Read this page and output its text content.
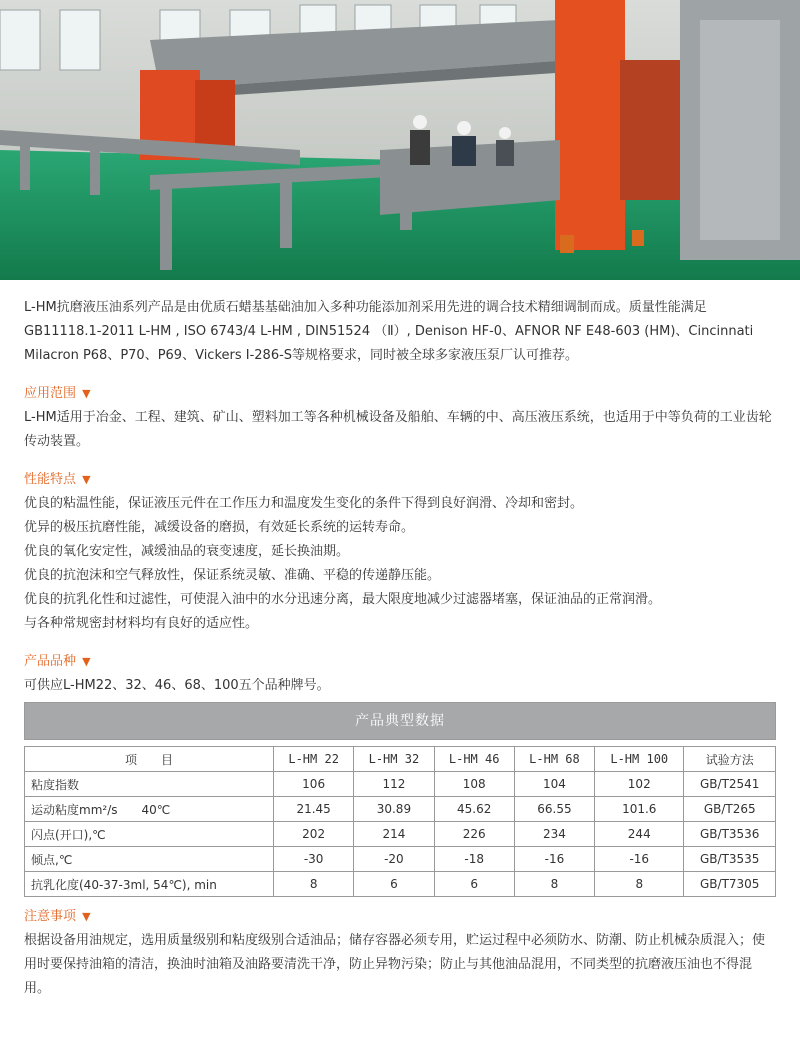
L-HM抗磨液压油系列产品是由优质石蜡基基础油加入多种功能添加剂采用先进的调合技术精细调制而成。质量性能满足GB11118.1-2011 L-HM , ISO 6743/4 L-HM , DIN51524 （Ⅱ）, Denison HF-0、AFNOR NF E48-603 (HM)、Cincinnati Milacron P68、P70、P69、Vickers I-286-S等规格要求，同时被全球多家液压泵厂认可推荐。

应用范围 ▼

L-HM适用于冶金、工程、建筑、矿山、塑料加工等各种机械设备及船舶、车辆的中、高压液压系统，也适用于中等负荷的工业齿轮传动装置。

性能特点 ▼

优良的粘温性能，保证液压元件在工作压力和温度发生变化的条件下得到良好润滑、冷却和密封。

优异的极压抗磨性能，减缓设备的磨损，有效延长系统的运转寿命。

优良的氧化安定性，减缓油品的衰变速度，延长换油期。

优良的抗泡沫和空气释放性，保证系统灵敏、准确、平稳的传递静压能。

优良的抗乳化性和过滤性，可使混入油中的水分迅速分离，最大限度地减少过滤器堵塞，保证油品的正常润滑。

与各种常规密封材料均有良好的适应性。

产品品种 ▼

可供应L-HM22、32、46、68、100五个品种牌号。

产品典型数据						

项　　目	L-HM 22	L-HM 32	L-HM 46	L-HM 68	L-HM 100	试验方法
粘度指数	106	112	108	104	102	GB/T2541
运动粘度mm²/s　　40℃	21.45	30.89	45.62	66.55	101.6	GB/T265
闪点(开口),℃	202	214	226	234	244	GB/T3536
倾点,℃	-30	-20	-18	-16	-16	GB/T3535
抗乳化度(40-37-3ml, 54℃), min	8	6	6	8	8	GB/T7305
注意事项 ▼

根据设备用油规定，选用质量级别和粘度级别合适油品；储存容器必须专用，贮运过程中必须防水、防潮、防止机械杂质混入；使用时要保持油箱的清洁，换油时油箱及油路要清洗干净，防止异物污染；防止与其他油品混用，不同类型的抗磨液压油也不得混用。
